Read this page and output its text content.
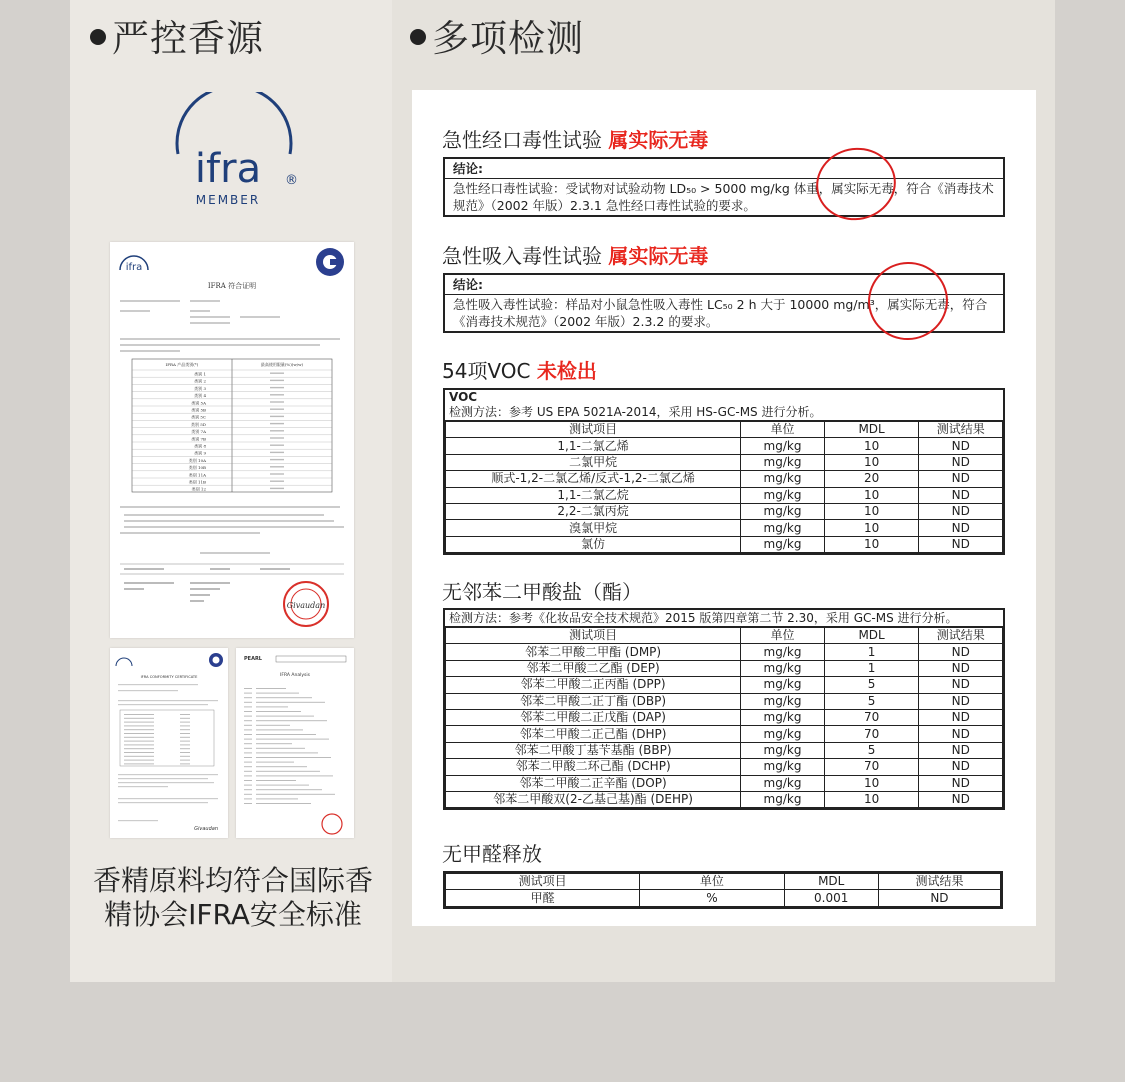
严控香源
ifra ®
MEMBER
ifra
IFRA 符合证明
IFRA 产品类别(*)	最高使用限量(%)(w/w)
类别 1
类别 2
类别 3
类别 4
类别 5A
类别 5B
类别 5C
类别 5D
类别 7A
类别 7B
类别 8
类别 9
类别 10A
类别 10B
类别 11A
类别 11B
类别 12
Givaudan
IFRA CONFORMITY CERTIFICATE
Givaudan
PEARL
IFRA Analysis
香精原料均符合国际香
精协会IFRA安全标准
多项检测
急性经口毒性试验 属实际无毒
结论:
急性经口毒性试验：受试物对试验动物 LD₅₀ > 5000 mg/kg 体重，属实际无毒，符合《消毒技术规范》（2002 年版）2.3.1 急性经口毒性试验的要求。
急性吸入毒性试验 属实际无毒
结论:
急性吸入毒性试验：样品对小鼠急性吸入毒性 LC₅₀ 2 h 大于 10000 mg/m³，属实际无毒，符合《消毒技术规范》（2002 年版）2.3.2 的要求。
54项VOC 未检出
VOC
检测方法：参考 US EPA 5021A-2014，采用 HS-GC-MS 进行分析。
测试项目	单位	MDL	测试结果
1,1-二氯乙烯	mg/kg	10	ND
二氯甲烷	mg/kg	10	ND
顺式-1,2-二氯乙烯/反式-1,2-二氯乙烯	mg/kg	20	ND
1,1-二氯乙烷	mg/kg	10	ND
2,2-二氯丙烷	mg/kg	10	ND
溴氯甲烷	mg/kg	10	ND
氯仿	mg/kg	10	ND
无邻苯二甲酸盐（酯）
检测方法：参考《化妆品安全技术规范》2015 版第四章第二节 2.30，采用 GC-MS 进行分析。
测试项目	单位	MDL	测试结果
邻苯二甲酸二甲酯 (DMP)	mg/kg	1	ND
邻苯二甲酸二乙酯 (DEP)	mg/kg	1	ND
邻苯二甲酸二正丙酯 (DPP)	mg/kg	5	ND
邻苯二甲酸二正丁酯 (DBP)	mg/kg	5	ND
邻苯二甲酸二正戊酯 (DAP)	mg/kg	70	ND
邻苯二甲酸二正己酯 (DHP)	mg/kg	70	ND
邻苯二甲酸丁基苄基酯 (BBP)	mg/kg	5	ND
邻苯二甲酸二环己酯 (DCHP)	mg/kg	70	ND
邻苯二甲酸二正辛酯 (DOP)	mg/kg	10	ND
邻苯二甲酸双(2-乙基己基)酯 (DEHP)	mg/kg	10	ND
无甲醛释放
测试项目	单位	MDL	测试结果
甲醛	%	0.001	ND
